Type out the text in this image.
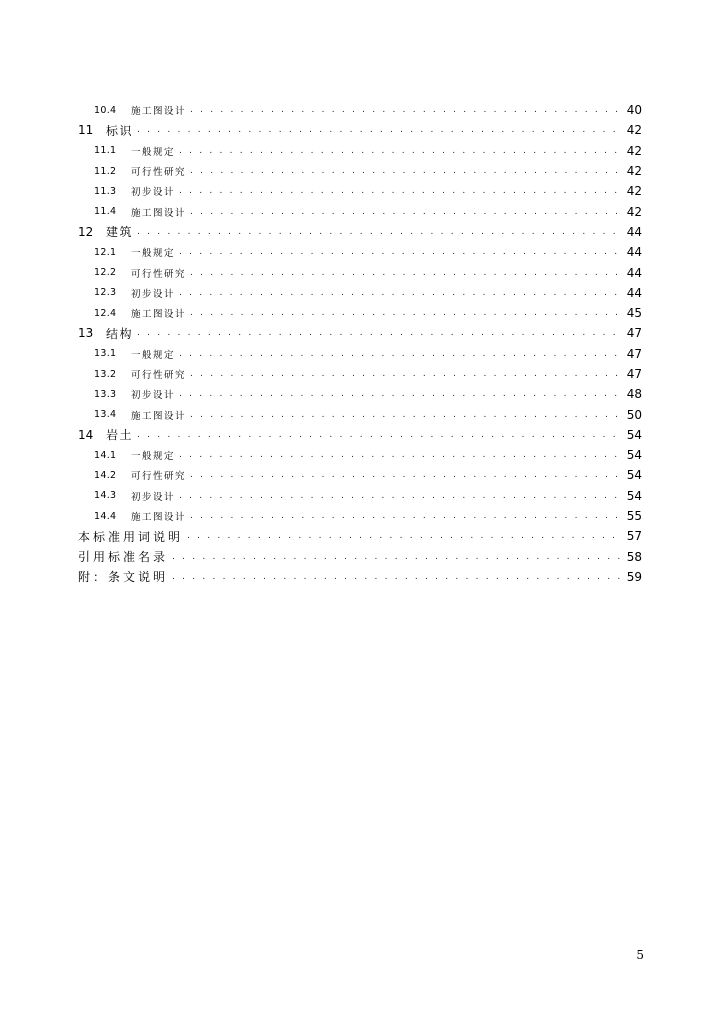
10.4	施工图设计 . . .	40
11	标识 . . .	42
11.1	一般规定 . . .	42
11.2	可行性研究 . . .	42
11.3	初步设计 . . .	42
11.4	施工图设计 . . .	42
12	建筑 . . .	44
12.1	一般规定 . . .	44
12.2	可行性研究 . . .	44
12.3	初步设计 . . .	44
12.4	施工图设计 . . .	45
13	结构 . . .	47
13.1	一般规定 . . .	47
13.2	可行性研究 . . .	47
13.3	初步设计 . . .	48
13.4	施工图设计 . . .	50
14	岩土 . . .	54
14.1	一般规定 . . .	54
14.2	可行性研究 . . .	54
14.3	初步设计 . . .	54
14.4	施工图设计 . . .	55
本标准用词说明 . . .	57
引用标准名录 . . .	58
附：条文说明 . . .	59
5
